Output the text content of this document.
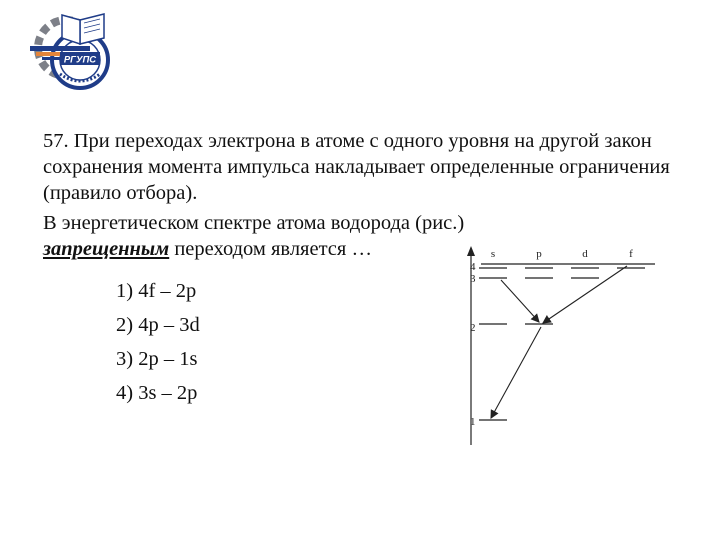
РГУПС

57. При переходах электрона в атоме с одного уровня на другой закон сохранения момента импульса накладывает определенные ограничения (правило отбора).

В энергетическом спектре атома водорода (рис.)
запрещенным переходом является …

1) 4f – 2p
2) 4p – 3d
3) 2p – 1s
4) 3s – 2p
s	p	d	f
4
3
2
1
